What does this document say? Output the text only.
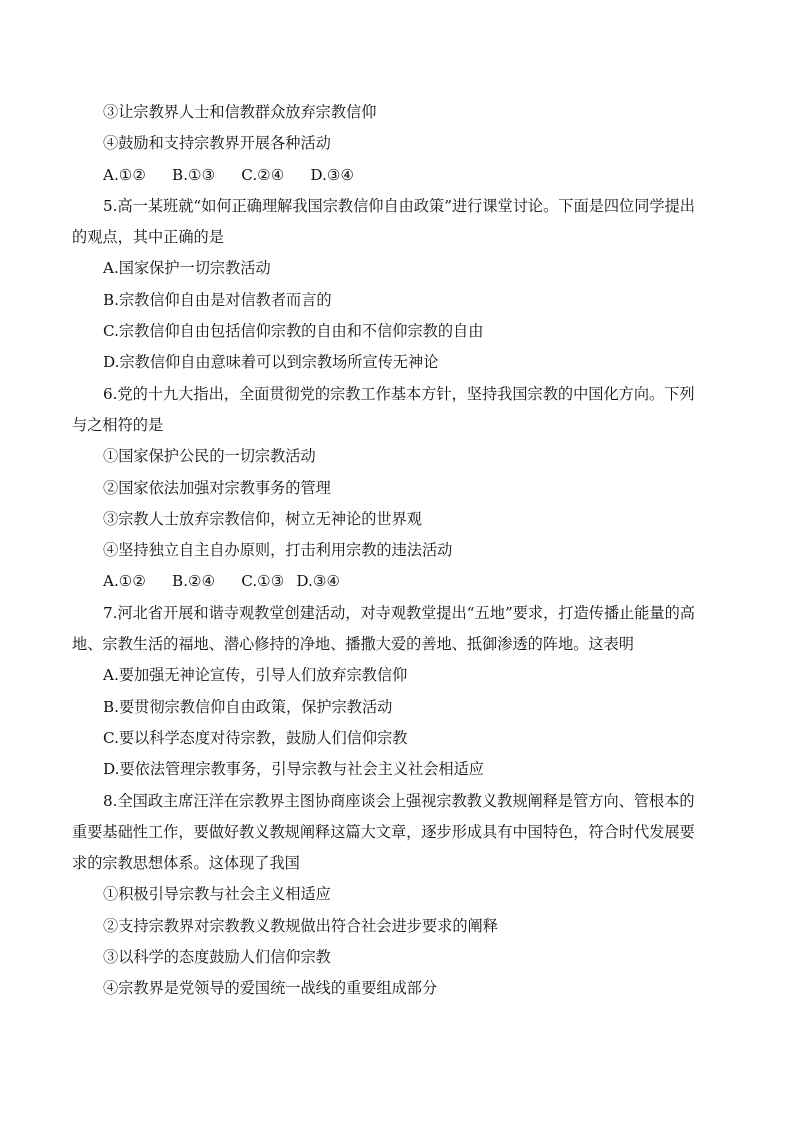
③让宗教界人士和信教群众放弃宗教信仰
④鼓励和支持宗教界开展各种活动
A.①② B.①③ C.②④ D.③④
5.高一某班就“如何正确理解我国宗教信仰自由政策”进行课堂讨论。下面是四位同学提出
的观点，其中正确的是
A.国家保护一切宗教活动
B.宗教信仰自由是对信教者而言的
C.宗教信仰自由包括信仰宗教的自由和不信仰宗教的自由
D.宗教信仰自由意味着可以到宗教场所宣传无神论
6.党的十九大指出，全面贯彻党的宗教工作基本方针，坚持我国宗教的中国化方向。下列
与之相符的是
①国家保护公民的一切宗教活动
②国家依法加强对宗教事务的管理
③宗教人士放弃宗教信仰，树立无神论的世界观
④坚持独立自主自办原则，打击利用宗教的违法活动
A.①② B.②④ C.①③ D.③④
7.河北省开展和谐寺观教堂创建活动，对寺观教堂提出“五地”要求，打造传播止能量的高
地、宗教生活的福地、潜心修持的净地、播撒大爱的善地、抵御渗透的阵地。这表明
A.要加强无神论宣传，引导人们放弃宗教信仰
B.要贯彻宗教信仰自由政策，保护宗教活动
C.要以科学态度对待宗教，鼓励人们信仰宗教
D.要依法管理宗教事务，引导宗教与社会主义社会相适应
8.全国政主席汪洋在宗教界主图协商座谈会上强视宗教教义教规阐释是管方向、管根本的
重要基础性工作，要做好教义教规阐释这篇大文章，逐步形成具有中国特色，符合时代发展要
求的宗教思想体系。这体现了我国
①积极引导宗教与社会主义相适应
②支持宗教界对宗教教义教规做出符合社会进步要求的阐释
③以科学的态度鼓励人们信仰宗教
④宗教界是党领导的爱国统一战线的重要组成部分
